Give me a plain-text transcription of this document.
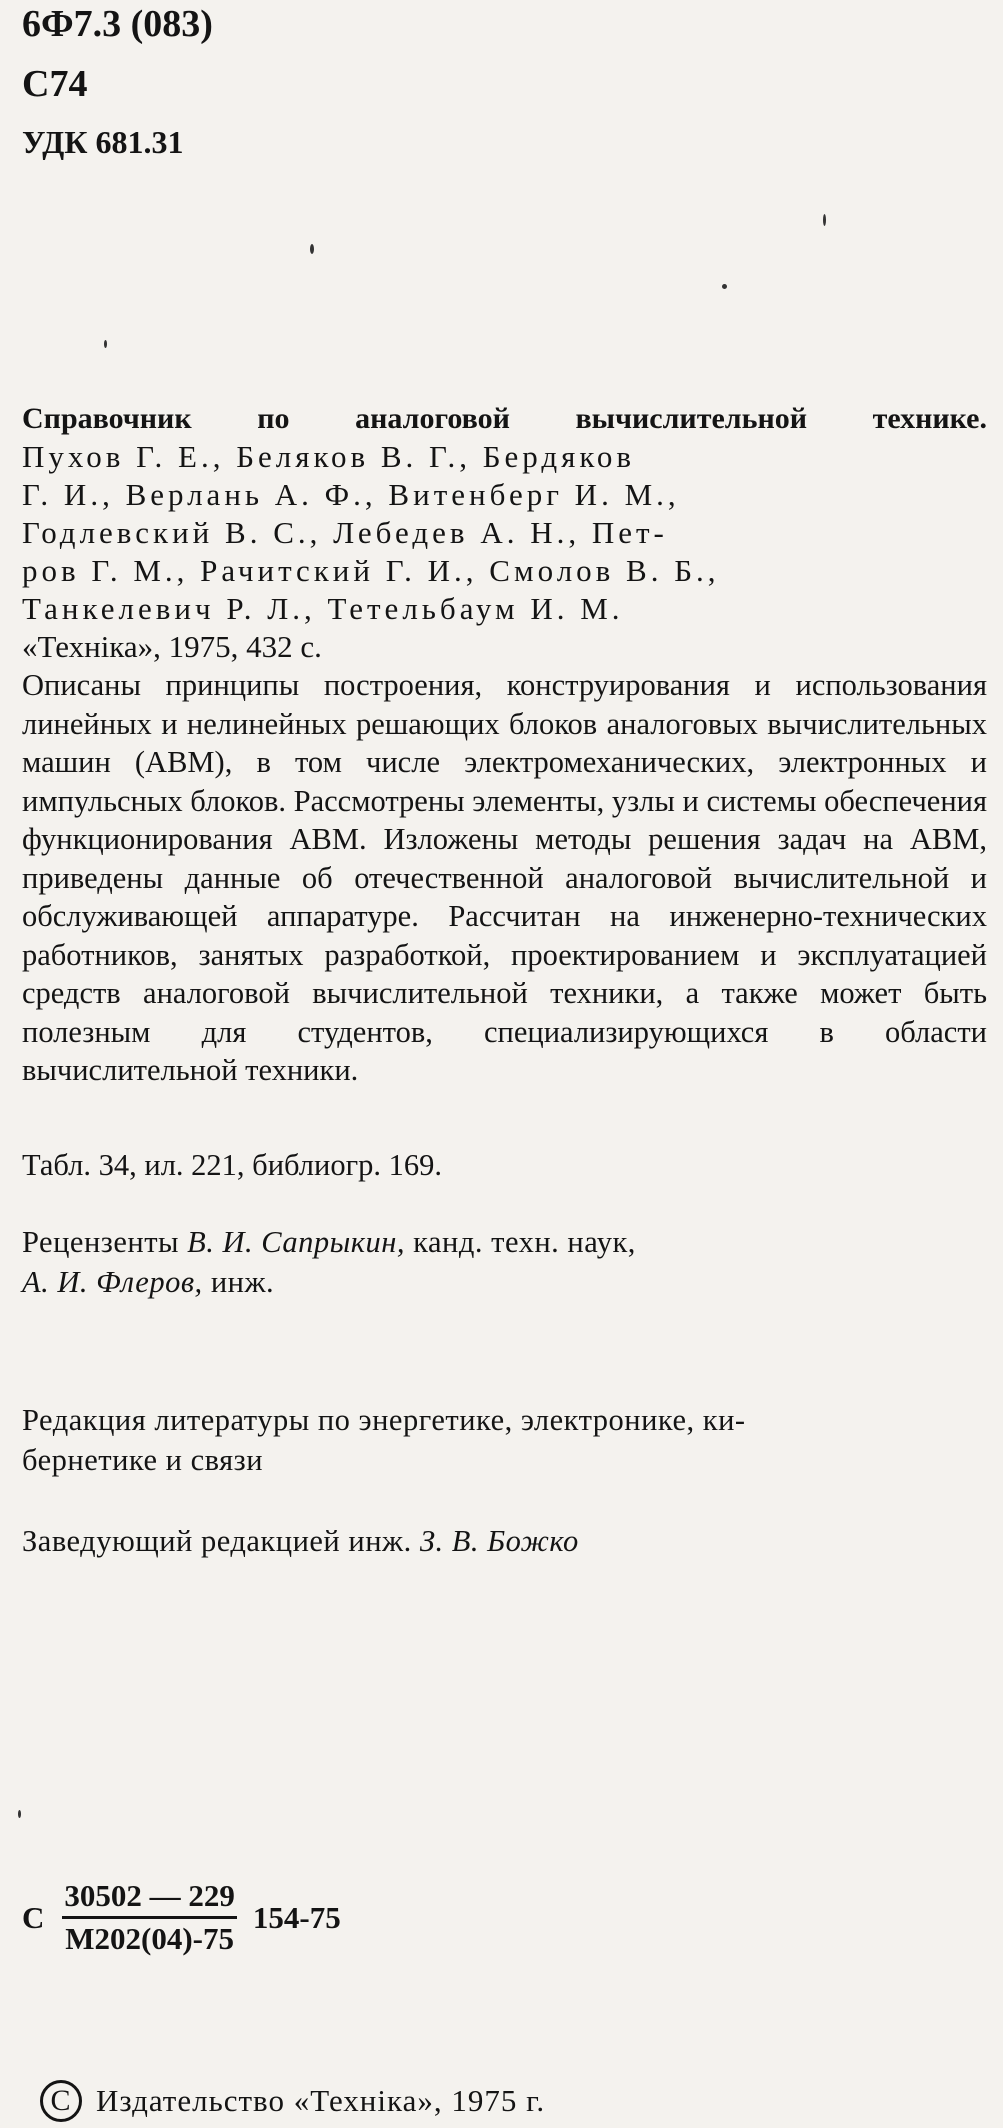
6Ф7.3 (083)

С74

УДК 681.31

Справочник по аналоговой вычислительной технике.
Пухов Г. Е., Беляков В. Г., Бердяков
Г. И., Верлань А. Ф., Витенберг И. М.,
Годлевский В. С., Лебедев А. Н., Пет-
ров Г. М., Рачитский Г. И., Смолов В. Б.,
Танкелевич Р. Л., Тетельбаум И. М.
«Техніка», 1975, 432 с.
Описаны принципы построения, конструирования и использования линейных и нелинейных решающих блоков аналоговых вычислительных машин (АВМ), в том числе электромеханических, электронных и импульсных блоков. Рассмотрены элементы, узлы и системы обеспечения функционирования АВМ. Изложены методы решения задач на АВМ, приведены данные об отечественной аналоговой вычислительной и обслуживающей аппаратуре. Рассчитан на инженерно-технических работников, занятых разработкой, проектированием и эксплуатацией средств аналоговой вычислительной техники, а также может быть полезным для студентов, специализирующихся в области вычислительной техники.
Табл. 34, ил. 221, библиогр. 169.
Рецензенты В. И. Сапрыкин, канд. техн. наук,
А. И. Флеров, инж.
Редакция литературы по энергетике, электронике, ки-
бернетике и связи
Заведующий редакцией инж. З. В. Божко
С $\frac{30502 — 229}{М202(04)-75} 154-75$
С Издательство «Техніка», 1975 г.
